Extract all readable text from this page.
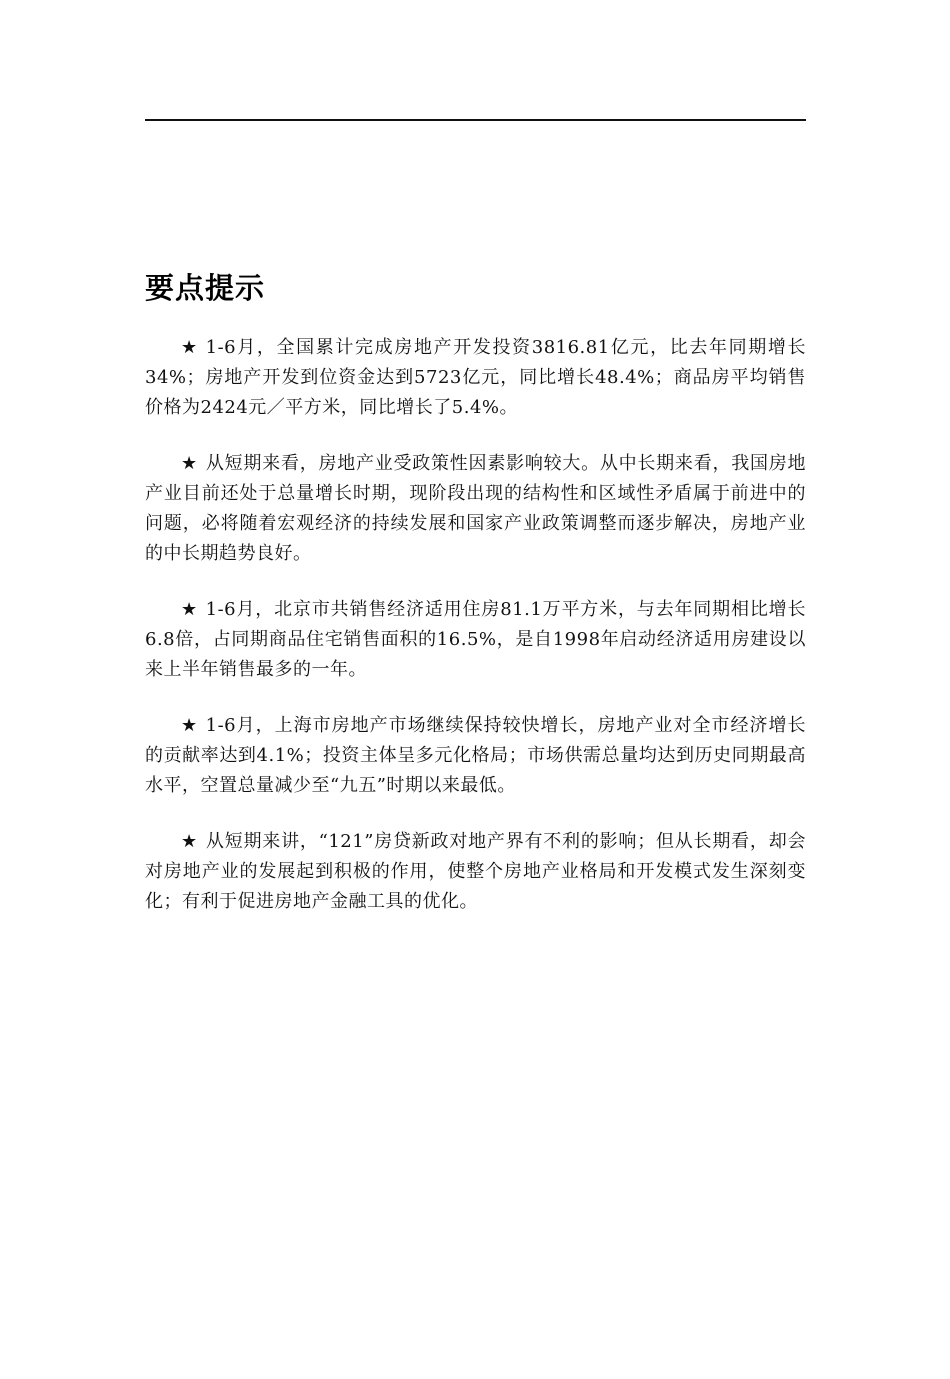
要点提示
★ 1-6月，全国累计完成房地产开发投资3816.81亿元，比去年同期增长34%；房地产开发到位资金达到5723亿元，同比增长48.4%；商品房平均销售价格为2424元／平方米，同比增长了5.4%。
★ 从短期来看，房地产业受政策性因素影响较大。从中长期来看，我国房地产业目前还处于总量增长时期，现阶段出现的结构性和区域性矛盾属于前进中的问题，必将随着宏观经济的持续发展和国家产业政策调整而逐步解决，房地产业的中长期趋势良好。
★ 1-6月，北京市共销售经济适用住房81.1万平方米，与去年同期相比增长6.8倍，占同期商品住宅销售面积的16.5%，是自1998年启动经济适用房建设以来上半年销售最多的一年。
★ 1-6月，上海市房地产市场继续保持较快增长，房地产业对全市经济增长的贡献率达到4.1%；投资主体呈多元化格局；市场供需总量均达到历史同期最高水平，空置总量减少至“九五”时期以来最低。
★ 从短期来讲，“121”房贷新政对地产界有不利的影响；但从长期看，却会对房地产业的发展起到积极的作用，使整个房地产业格局和开发模式发生深刻变化；有利于促进房地产金融工具的优化。
